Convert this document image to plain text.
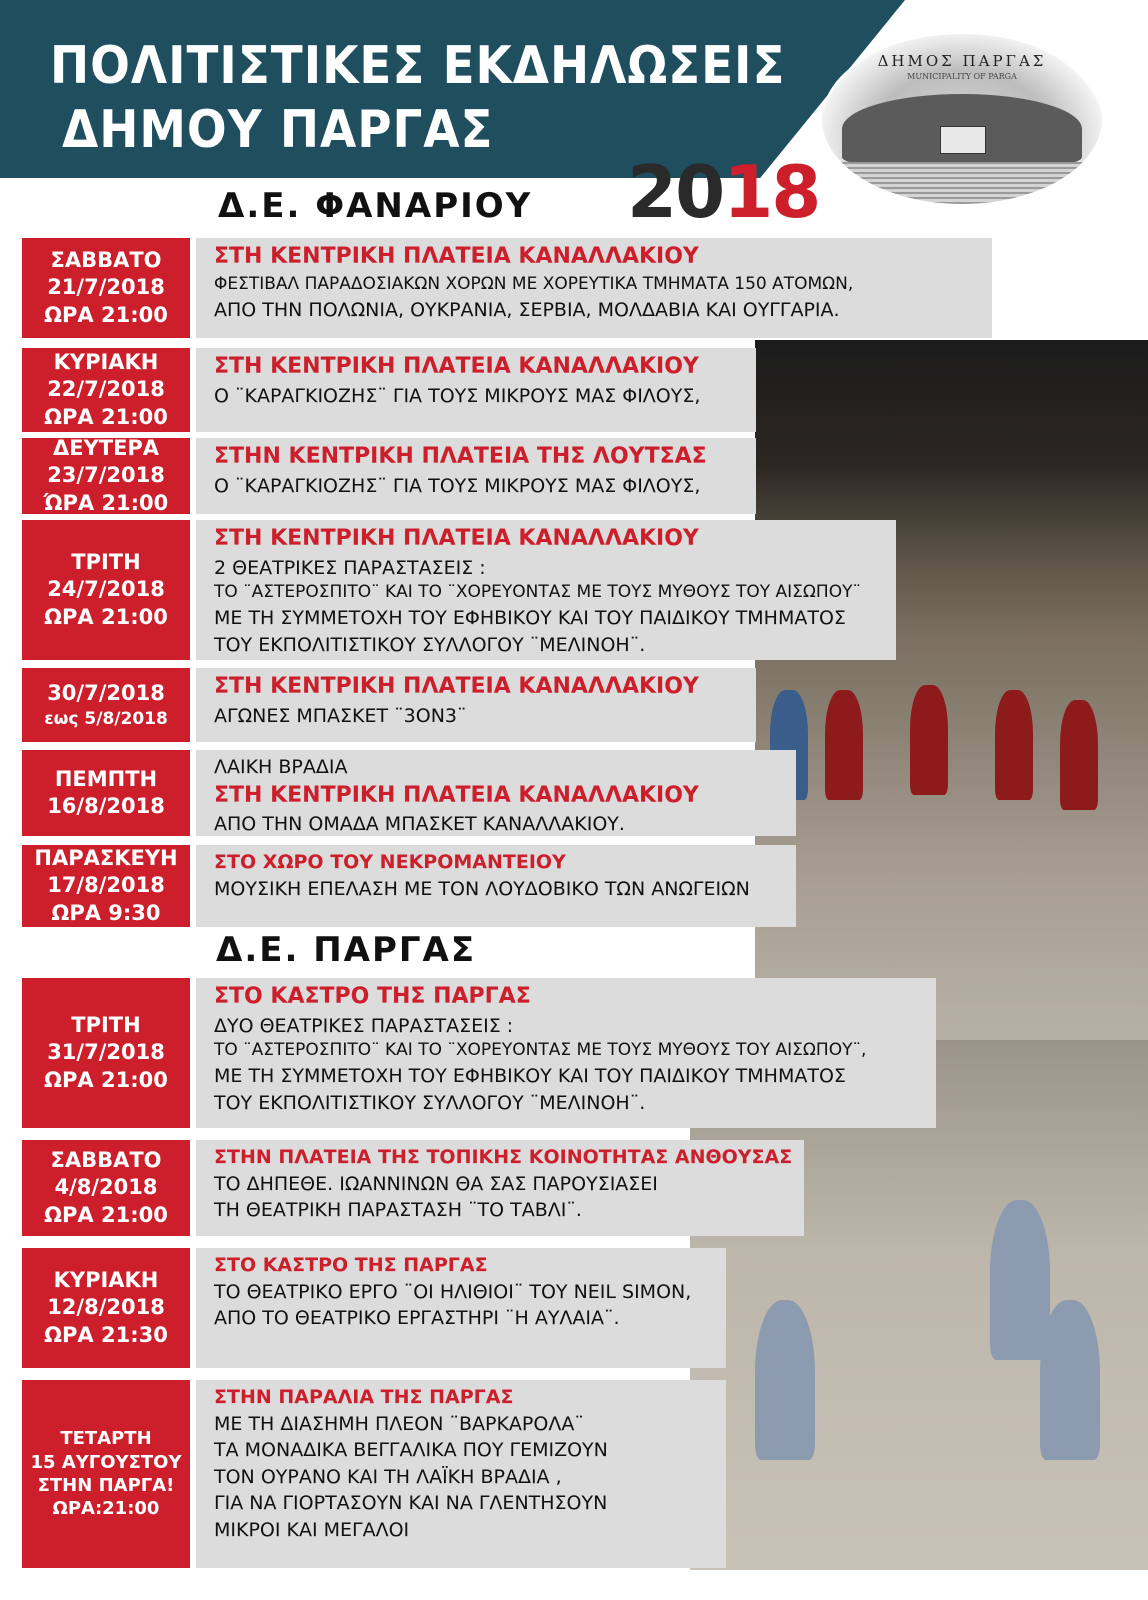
ΠΟΛΙΤΙΣΤΙΚΕΣ ΕΚΔΗΛΩΣΕΙΣ
ΔΗΜΟΥ ΠΑΡΓΑΣ
ΔΗΜΟΣ ΠΑΡΓΑΣ
MUNICIPALITY OF PARGA
2018
Δ.Ε. ΦΑΝΑΡΙΟΥ
Δ.Ε. ΠΑΡΓΑΣ
ΣΑΒΒΑΤΟ
21/7/2018
ΩΡΑ 21:00
ΣΤΗ ΚΕΝΤΡΙΚΗ ΠΛΑΤΕΙΑ ΚΑΝΑΛΛΑΚΙΟΥ
ΦΕΣΤΙΒΑΛ ΠΑΡΑΔΟΣΙΑΚΩΝ ΧΟΡΩΝ ΜΕ ΧΟΡΕΥΤΙΚΑ ΤΜΗΜΑΤΑ 150 ΑΤΟΜΩΝ,
ΑΠΟ ΤΗΝ ΠΟΛΩΝΙΑ, ΟΥΚΡΑΝΙΑ, ΣΕΡΒΙΑ, ΜΟΛΔΑΒΙΑ ΚΑΙ ΟΥΓΓΑΡΙΑ.
ΚΥΡΙΑΚΗ
22/7/2018
ΩΡΑ 21:00
ΣΤΗ ΚΕΝΤΡΙΚΗ ΠΛΑΤΕΙΑ ΚΑΝΑΛΛΑΚΙΟΥ
Ο ¨ΚΑΡΑΓΚΙΟΖΗΣ¨ ΓΙΑ ΤΟΥΣ ΜΙΚΡΟΥΣ ΜΑΣ ΦΙΛΟΥΣ,
ΔΕΥΤΕΡΑ
23/7/2018
ΏΡΑ 21:00
ΣΤΗΝ ΚΕΝΤΡΙΚΗ ΠΛΑΤΕΙΑ ΤΗΣ ΛΟΥΤΣΑΣ
Ο ¨ΚΑΡΑΓΚΙΟΖΗΣ¨ ΓΙΑ ΤΟΥΣ ΜΙΚΡΟΥΣ ΜΑΣ ΦΙΛΟΥΣ,
ΤΡΙΤΗ
24/7/2018
ΩΡΑ 21:00
ΣΤΗ ΚΕΝΤΡΙΚΗ ΠΛΑΤΕΙΑ ΚΑΝΑΛΛΑΚΙΟΥ
2 ΘΕΑΤΡΙΚΕΣ ΠΑΡΑΣΤΑΣΕΙΣ :
ΤΟ ¨ΑΣΤΕΡΟΣΠΙΤΟ¨ ΚΑΙ ΤΟ ¨ΧΟΡΕΥΟΝΤΑΣ ΜΕ ΤΟΥΣ ΜΥΘΟΥΣ ΤΟΥ ΑΙΣΩΠΟΥ¨
ΜΕ ΤΗ ΣΥΜΜΕΤΟΧΗ ΤΟΥ ΕΦΗΒΙΚΟΥ ΚΑΙ ΤΟΥ ΠΑΙΔΙΚΟΥ ΤΜΗΜΑΤΟΣ
ΤΟΥ ΕΚΠΟΛΙΤΙΣΤΙΚΟΥ ΣΥΛΛΟΓΟΥ ¨ΜΕΛΙΝΟΗ¨.
30/7/2018
εως 5/8/2018
ΣΤΗ ΚΕΝΤΡΙΚΗ ΠΛΑΤΕΙΑ ΚΑΝΑΛΛΑΚΙΟΥ
ΑΓΩΝΕΣ ΜΠΑΣΚΕΤ ¨3ON3¨
ΠΕΜΠΤΗ
16/8/2018
ΛΑΙΚΗ ΒΡΑΔΙΑ
ΣΤΗ ΚΕΝΤΡΙΚΗ ΠΛΑΤΕΙΑ ΚΑΝΑΛΛΑΚΙΟΥ
ΑΠΟ ΤΗΝ ΟΜΑΔΑ ΜΠΑΣΚΕΤ ΚΑΝΑΛΛΑΚΙΟΥ.
ΠΑΡΑΣΚΕΥΗ
17/8/2018
ΩΡΑ 9:30
ΣΤΟ ΧΩΡΟ ΤΟΥ ΝΕΚΡΟΜΑΝΤΕΙΟΥ
ΜΟΥΣΙΚΗ ΕΠΕΛΑΣΗ ΜΕ ΤΟΝ ΛΟΥΔΟΒΙΚΟ ΤΩΝ ΑΝΩΓΕΙΩΝ
ΤΡΙΤΗ
31/7/2018
ΩΡΑ 21:00
ΣΤΟ ΚΑΣΤΡΟ ΤΗΣ ΠΑΡΓΑΣ
ΔΥΟ ΘΕΑΤΡΙΚΕΣ ΠΑΡΑΣΤΑΣΕΙΣ :
ΤΟ ¨ΑΣΤΕΡΟΣΠΙΤΟ¨ ΚΑΙ ΤΟ ¨ΧΟΡΕΥΟΝΤΑΣ ΜΕ ΤΟΥΣ ΜΥΘΟΥΣ ΤΟΥ ΑΙΣΩΠΟΥ¨,
ΜΕ ΤΗ ΣΥΜΜΕΤΟΧΗ ΤΟΥ ΕΦΗΒΙΚΟΥ ΚΑΙ ΤΟΥ ΠΑΙΔΙΚΟΥ ΤΜΗΜΑΤΟΣ
ΤΟΥ ΕΚΠΟΛΙΤΙΣΤΙΚΟΥ ΣΥΛΛΟΓΟΥ ¨ΜΕΛΙΝΟΗ¨.
ΣΑΒΒΑΤΟ
4/8/2018
ΩΡΑ 21:00
ΣΤΗΝ ΠΛΑΤΕΙΑ ΤΗΣ ΤΟΠΙΚΗΣ ΚΟΙΝΟΤΗΤΑΣ ΑΝΘΟΥΣΑΣ
ΤΟ ΔΗΠΕΘΕ. ΙΩΑΝΝΙΝΩΝ ΘΑ ΣΑΣ ΠΑΡΟΥΣΙΑΣΕΙ
ΤΗ ΘΕΑΤΡΙΚΗ ΠΑΡΑΣΤΑΣΗ ¨ΤΟ ΤΑΒΛΙ¨.
ΚΥΡΙΑΚΗ
12/8/2018
ΩΡΑ 21:30
ΣΤΟ ΚΑΣΤΡΟ ΤΗΣ ΠΑΡΓΑΣ
ΤΟ ΘΕΑΤΡΙΚΟ ΕΡΓΟ ¨ΟΙ ΗΛΙΘΙΟΙ¨ ΤΟΥ NEIL SIMON,
ΑΠΟ ΤΟ ΘΕΑΤΡΙΚΟ ΕΡΓΑΣΤΗΡΙ ¨Η ΑΥΛΑΙΑ¨.
ΤΕΤΑΡΤΗ
15 ΑΥΓΟΥΣΤΟΥ
ΣΤΗΝ ΠΑΡΓΑ!
ΩΡΑ:21:00
ΣΤΗΝ ΠΑΡΑΛΙΑ ΤΗΣ ΠΑΡΓΑΣ
ΜΕ ΤΗ ΔΙΑΣΗΜΗ ΠΛΕΟΝ ¨ΒΑΡΚΑΡΟΛΑ¨
ΤΑ ΜΟΝΑΔΙΚΑ ΒΕΓΓΑΛΙΚΑ ΠΟΥ ΓΕΜΙΖΟΥΝ
ΤΟΝ ΟΥΡΑΝΟ ΚΑΙ ΤΗ ΛΑΪΚΗ ΒΡΑΔΙΑ ,
ΓΙΑ ΝΑ ΓΙΟΡΤΑΣΟΥΝ ΚΑΙ ΝΑ ΓΛΕΝΤΗΣΟΥΝ
ΜΙΚΡΟΙ ΚΑΙ ΜΕΓΑΛΟΙ
